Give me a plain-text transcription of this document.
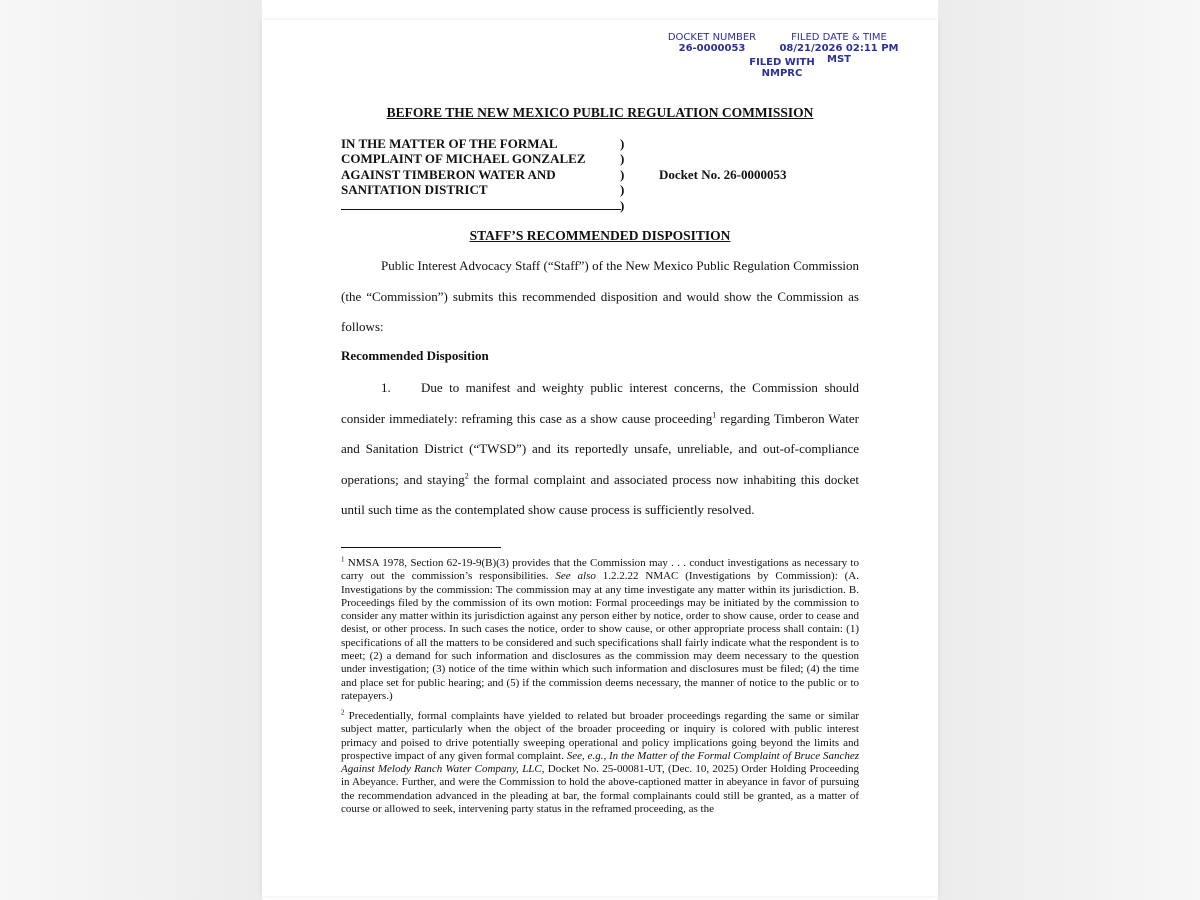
DOCKET NUMBER
26-0000053
FILED DATE & TIME
08/21/2026 02:11 PM MST
FILED WITH NMPRC
BEFORE THE NEW MEXICO PUBLIC REGULATION COMMISSION
IN THE MATTER OF THE FORMAL
COMPLAINT OF MICHAEL GONZALEZ
AGAINST TIMBERON WATER AND
SANITATION DISTRICT
)
)
)
)
)
Docket No. 26-0000053
STAFF’S RECOMMENDED DISPOSITION
Public Interest Advocacy Staff (“Staff”) of the New Mexico Public Regulation Commission (the “Commission”) submits this recommended disposition and would show the Commission as follows:
Recommended Disposition
1. Due to manifest and weighty public interest concerns, the Commission should consider immediately: reframing this case as a show cause proceeding$^1$ regarding Timberon Water and Sanitation District (“TWSD”) and its reportedly unsafe, unreliable, and out-of-compliance operations; and staying$^2$ the formal complaint and associated process now inhabiting this docket until such time as the contemplated show cause process is sufficiently resolved.
$^1$ NMSA 1978, Section 62-19-9(B)(3) provides that the Commission may . . . conduct investigations as necessary to carry out the commission’s responsibilities. See also 1.2.2.22 NMAC (Investigations by Commission): (A. Investigations by the commission: The commission may at any time investigate any matter within its jurisdiction. B. Proceedings filed by the commission of its own motion: Formal proceedings may be initiated by the commission to consider any matter within its jurisdiction against any person either by notice, order to show cause, order to cease and desist, or other process. In such cases the notice, order to show cause, or other appropriate process shall contain: (1) specifications of all the matters to be considered and such specifications shall fairly indicate what the respondent is to meet; (2) a demand for such information and disclosures as the commission may deem necessary to the question under investigation; (3) notice of the time within which such information and disclosures must be filed; (4) the time and place set for public hearing; and (5) if the commission deems necessary, the manner of notice to the public or to ratepayers.)
$^2$ Precedentially, formal complaints have yielded to related but broader proceedings regarding the same or similar subject matter, particularly when the object of the broader proceeding or inquiry is colored with public interest primacy and poised to drive potentially sweeping operational and policy implications going beyond the limits and prospective impact of any given formal complaint. See, e.g., In the Matter of the Formal Complaint of Bruce Sanchez Against Melody Ranch Water Company, LLC, Docket No. 25-00081-UT, (Dec. 10, 2025) Order Holding Proceeding in Abeyance. Further, and were the Commission to hold the above-captioned matter in abeyance in favor of pursuing the recommendation advanced in the pleading at bar, the formal complainants could still be granted, as a matter of course or allowed to seek, intervening party status in the reframed proceeding, as the
